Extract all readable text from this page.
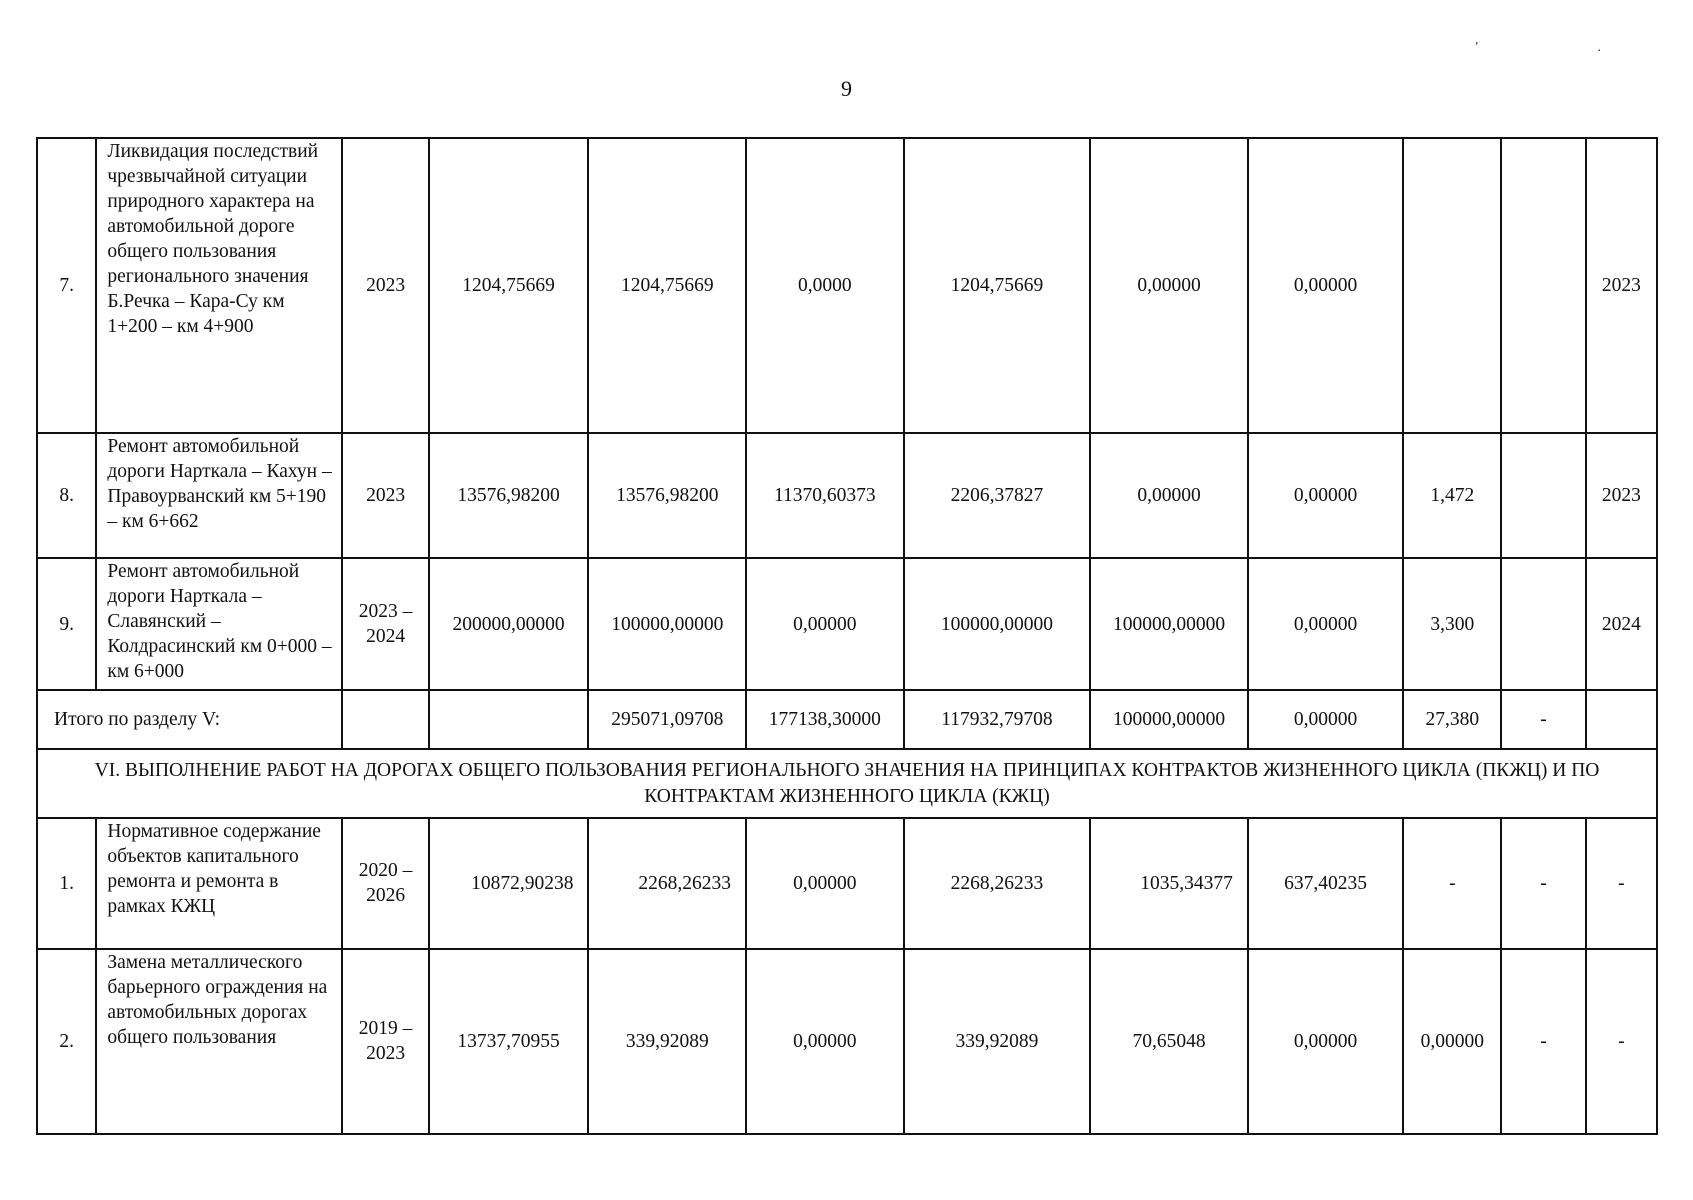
9
' .
7.	Ликвидация последствий чрезвычайной ситуации природного характера на автомобильной дороге общего пользования регионального значения Б.Речка – Кара-Су км 1+200 – км 4+900	2023	1204,75669	1204,75669	0,0000	1204,75669	0,00000	0,00000			2023
8.	Ремонт автомобильной дороги Нарткала – Кахун – Правоурванский км 5+190 – км 6+662	2023	13576,98200	13576,98200	11370,60373	2206,37827	0,00000	0,00000	1,472		2023
9.	Ремонт автомобильной дороги Нарткала – Славянский – Колдрасинский км 0+000 – км 6+000	2023 – 2024	200000,00000	100000,00000	0,00000	100000,00000	100000,00000	0,00000	3,300		2024
Итого по разделу V:				295071,09708	177138,30000	117932,79708	100000,00000	0,00000	27,380	-	
VI. ВЫПОЛНЕНИЕ РАБОТ НА ДОРОГАХ ОБЩЕГО ПОЛЬЗОВАНИЯ РЕГИОНАЛЬНОГО ЗНАЧЕНИЯ НА ПРИНЦИПАХ КОНТРАКТОВ ЖИЗНЕННОГО ЦИКЛА (ПКЖЦ) И ПО КОНТРАКТАМ ЖИЗНЕННОГО ЦИКЛА (КЖЦ)											
1.	Нормативное содержание объектов капитального ремонта и ремонта в рамках КЖЦ	2020 – 2026	10872,90238	2268,26233	0,00000	2268,26233	1035,34377	637,40235	-	-	-
2.	Замена металлического барьерного ограждения на автомобильных дорогах общего пользования	2019 – 2023	13737,70955	339,92089	0,00000	339,92089	70,65048	0,00000	0,00000	-	-
